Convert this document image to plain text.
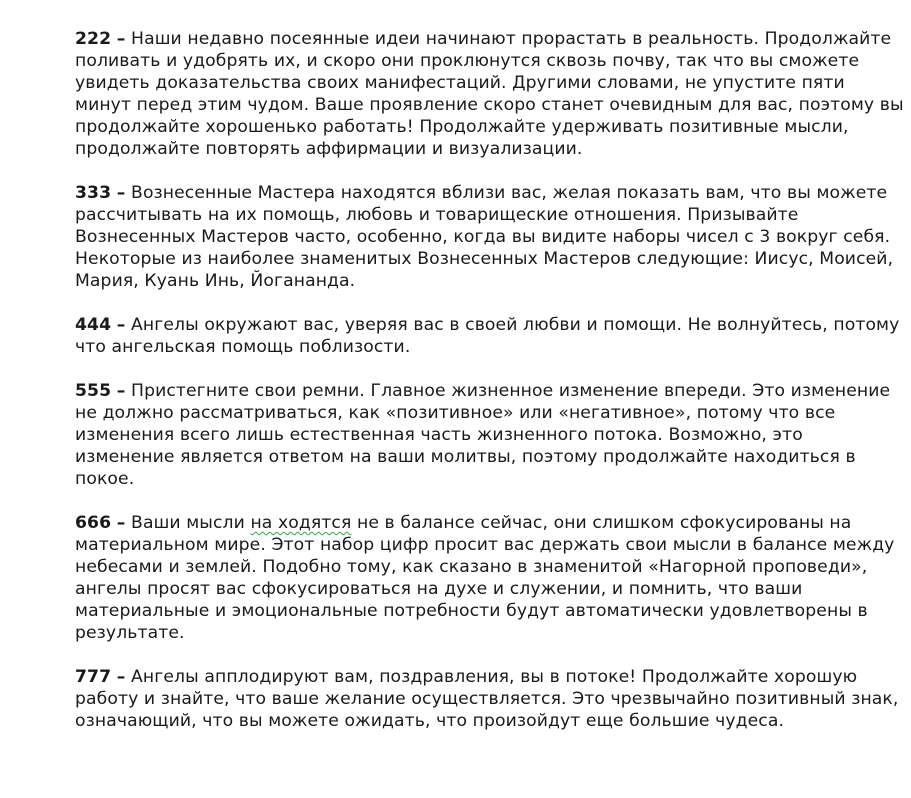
222 – Наши недавно посеянные идеи начинают прорастать в реальность. Продолжайте поливать и удобрять их, и скоро они проклюнутся сквозь почву, так что вы сможете увидеть доказательства своих манифестаций. Другими словами, не упустите пяти минут перед этим чудом. Ваше проявление скоро станет очевидным для вас, поэтому вы продолжайте хорошенько работать! Продолжайте удерживать позитивные мысли, продолжайте повторять аффирмации и визуализации.

333 – Вознесенные Мастера находятся вблизи вас, желая показать вам, что вы можете рассчитывать на их помощь, любовь и товарищеские отношения. Призывайте Вознесенных Мастеров часто, особенно, когда вы видите наборы чисел с 3 вокруг себя. Некоторые из наиболее знаменитых Вознесенных Мастеров следующие: Иисус, Моисей, Мария, Куань Инь, Йогананда.

444 – Ангелы окружают вас, уверяя вас в своей любви и помощи. Не волнуйтесь, потому что ангельская помощь поблизости.

555 – Пристегните свои ремни. Главное жизненное изменение впереди. Это изменение не должно рассматриваться, как «позитивное» или «негативное», потому что все изменения всего лишь естественная часть жизненного потока. Возможно, это изменение является ответом на ваши молитвы, поэтому продолжайте находиться в покое.

666 – Ваши мысли на ходятся не в балансе сейчас, они слишком сфокусированы на материальном мире. Этот набор цифр просит вас держать свои мысли в балансе между небесами и землей. Подобно тому, как сказано в знаменитой «Нагорной проповеди», ангелы просят вас сфокусироваться на духе и служении, и помнить, что ваши материальные и эмоциональные потребности будут автоматически удовлетворены в результате.

777 – Ангелы апплодируют вам, поздравления, вы в потоке! Продолжайте хорошую работу и знайте, что ваше желание осуществляется. Это чрезвычайно позитивный знак, означающий, что вы можете ожидать, что произойдут еще большие чудеса.
